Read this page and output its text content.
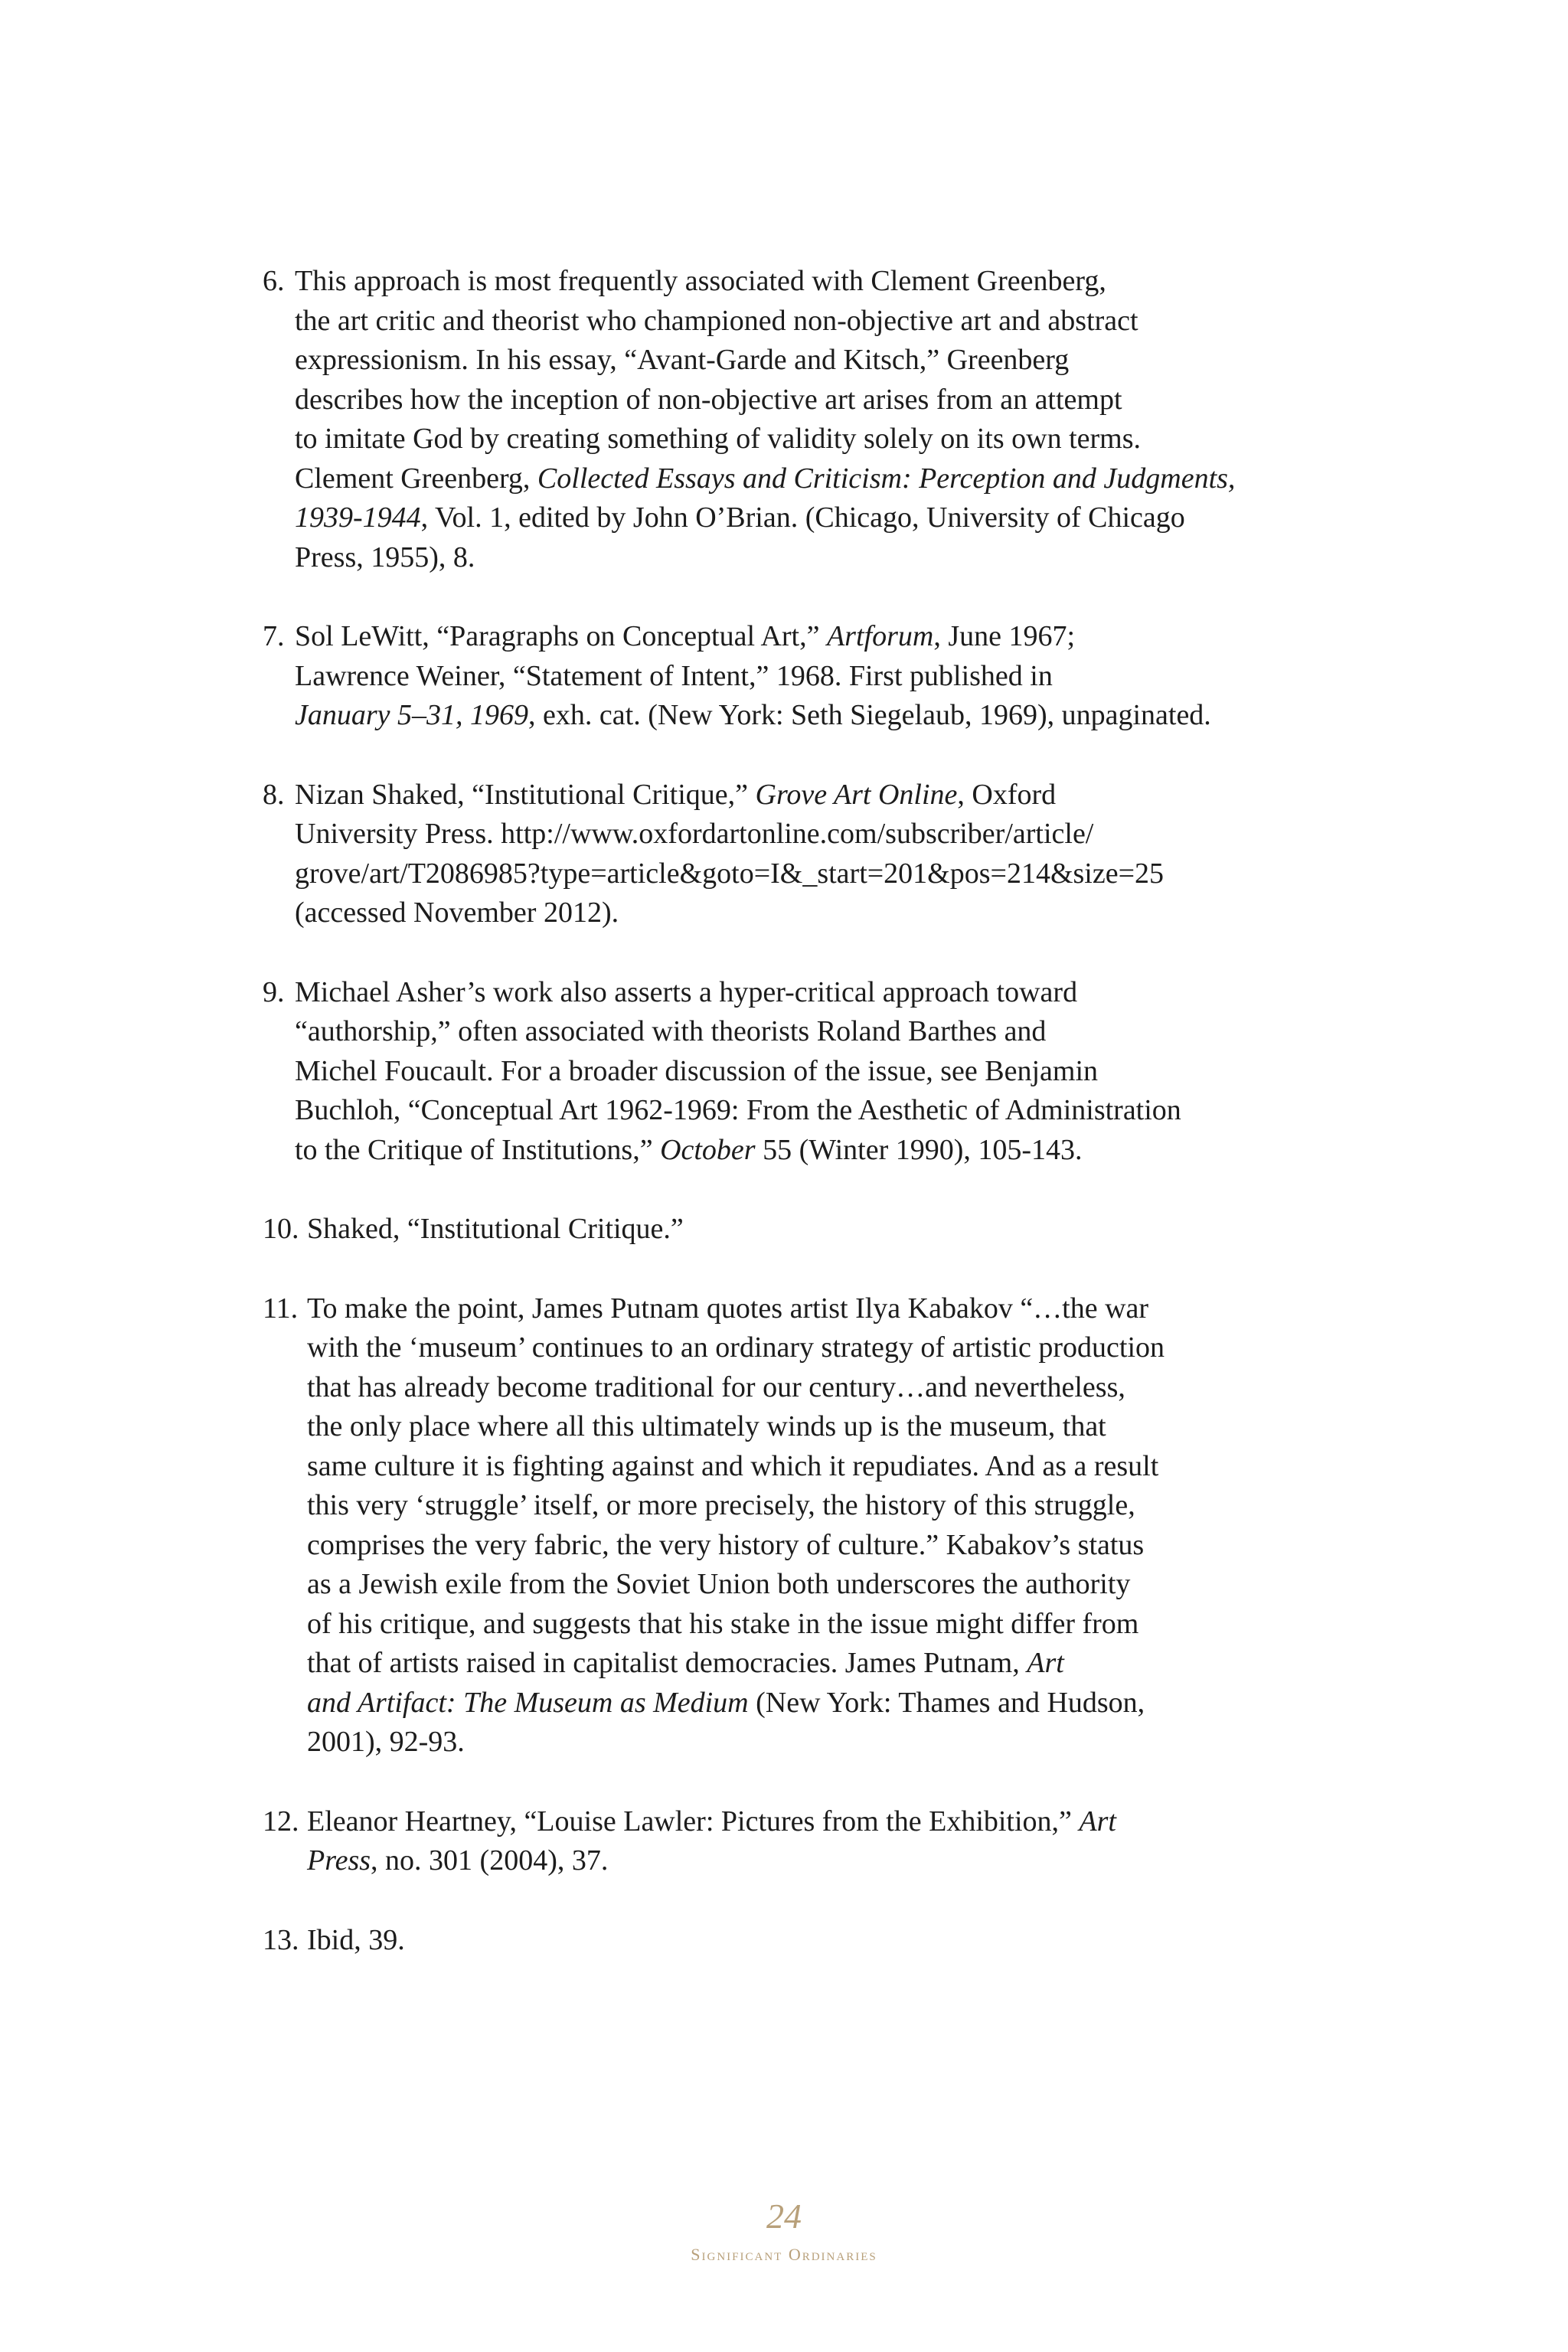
6. This approach is most frequently associated with Clement Greenberg,
the art critic and theorist who championed non-objective art and abstract
expressionism. In his essay, “Avant-Garde and Kitsch,” Greenberg
describes how the inception of non-objective art arises from an attempt
to imitate God by creating something of validity solely on its own terms.
Clement Greenberg, Collected Essays and Criticism: Perception and Judgments,
1939-1944, Vol. 1, edited by John O’Brian. (Chicago, University of Chicago
Press, 1955), 8.
7. Sol LeWitt, “Paragraphs on Conceptual Art,” Artforum, June 1967;
Lawrence Weiner, “Statement of Intent,” 1968. First published in
January 5–31, 1969, exh. cat. (New York: Seth Siegelaub, 1969), unpaginated.
8. Nizan Shaked, “Institutional Critique,” Grove Art Online, Oxford
University Press. http://www.oxfordartonline.com/subscriber/article/
grove/art/T2086985?type=article&goto=I&_start=201&pos=214&size=25
(accessed November 2012).
9. Michael Asher’s work also asserts a hyper-critical approach toward
“authorship,” often associated with theorists Roland Barthes and
Michel Foucault. For a broader discussion of the issue, see Benjamin
Buchloh, “Conceptual Art 1962-1969: From the Aesthetic of Administration
to the Critique of Institutions,” October 55 (Winter 1990), 105-143.
10. Shaked, “Institutional Critique.”
11. To make the point, James Putnam quotes artist Ilya Kabakov “…the war
with the ‘museum’ continues to an ordinary strategy of artistic production
that has already become traditional for our century…and nevertheless,
the only place where all this ultimately winds up is the museum, that
same culture it is fighting against and which it repudiates. And as a result
this very ‘struggle’ itself, or more precisely, the history of this struggle,
comprises the very fabric, the very history of culture.” Kabakov’s status
as a Jewish exile from the Soviet Union both underscores the authority
of his critique, and suggests that his stake in the issue might differ from
that of artists raised in capitalist democracies. James Putnam, Art
and Artifact: The Museum as Medium (New York: Thames and Hudson,
2001), 92-93.
12. Eleanor Heartney, “Louise Lawler: Pictures from the Exhibition,” Art
Press, no. 301 (2004), 37.
13. Ibid, 39.
24
Significant Ordinaries
